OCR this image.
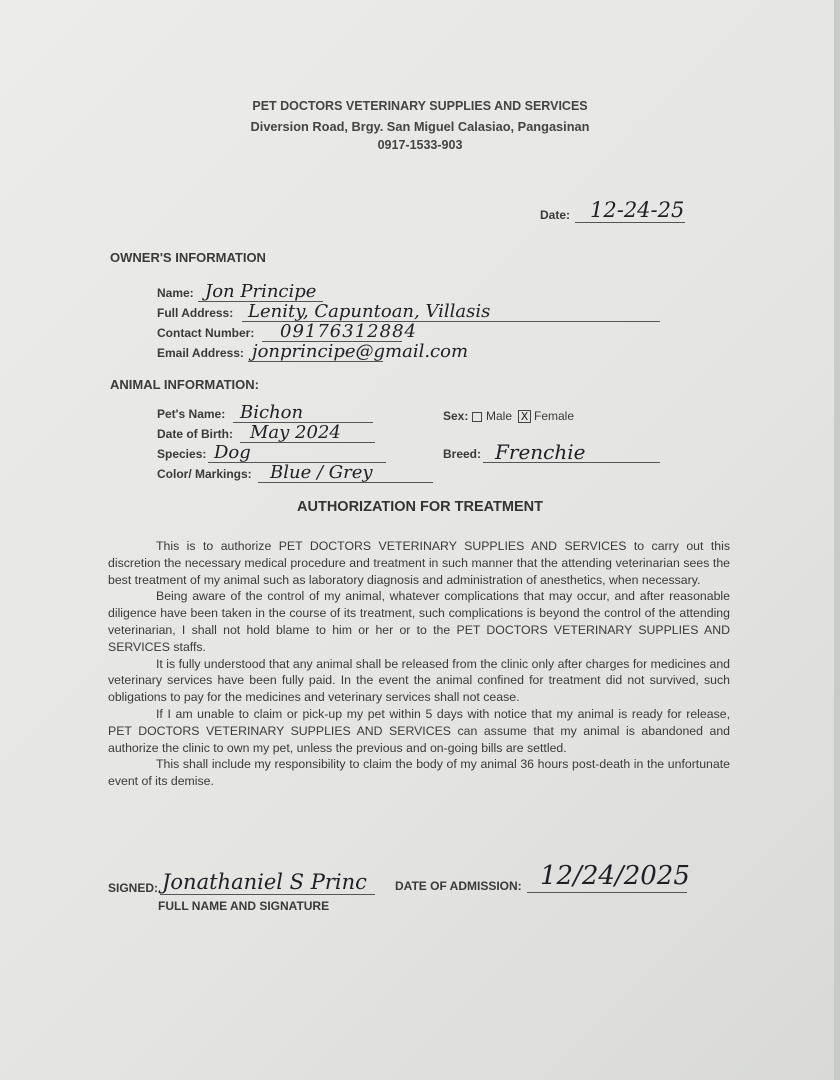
PET DOCTORS VETERINARY SUPPLIES AND SERVICES
Diversion Road, Brgy. San Miguel Calasiao, Pangasinan
0917-1533-903
Date: 12-24-25
OWNER'S INFORMATION
Name: Jon Principe
Full Address: Lenity, Capuntoan, Villasis
Contact Number: 09176312884
Email Address: jonprincipe@gmail.com
ANIMAL INFORMATION:
Pet's Name: Bichon
Date of Birth: May 2024
Species: Dog
Color/ Markings: Blue / Grey
Sex: Male X Female
Breed: Frenchie
AUTHORIZATION FOR TREATMENT

This is to authorize PET DOCTORS VETERINARY SUPPLIES AND SERVICES to carry out this discretion the necessary medical procedure and treatment in such manner that the attending veterinarian sees the best treatment of my animal such as laboratory diagnosis and administration of anesthetics, when necessary.

Being aware of the control of my animal, whatever complications that may occur, and after reasonable diligence have been taken in the course of its treatment, such complications is beyond the control of the attending veterinarian, I shall not hold blame to him or her or to the PET DOCTORS VETERINARY SUPPLIES AND SERVICES staffs.

It is fully understood that any animal shall be released from the clinic only after charges for medicines and veterinary services have been fully paid. In the event the animal confined for treatment did not survived, such obligations to pay for the medicines and veterinary services shall not cease.

If I am unable to claim or pick-up my pet within 5 days with notice that my animal is ready for release, PET DOCTORS VETERINARY SUPPLIES AND SERVICES can assume that my animal is abandoned and authorize the clinic to own my pet, unless the previous and on-going bills are settled.

This shall include my responsibility to claim the body of my animal 36 hours post-death in the unfortunate event of its demise.

SIGNED: Jonathaniel S Princ
FULL NAME AND SIGNATURE
DATE OF ADMISSION: 12/24/2025
